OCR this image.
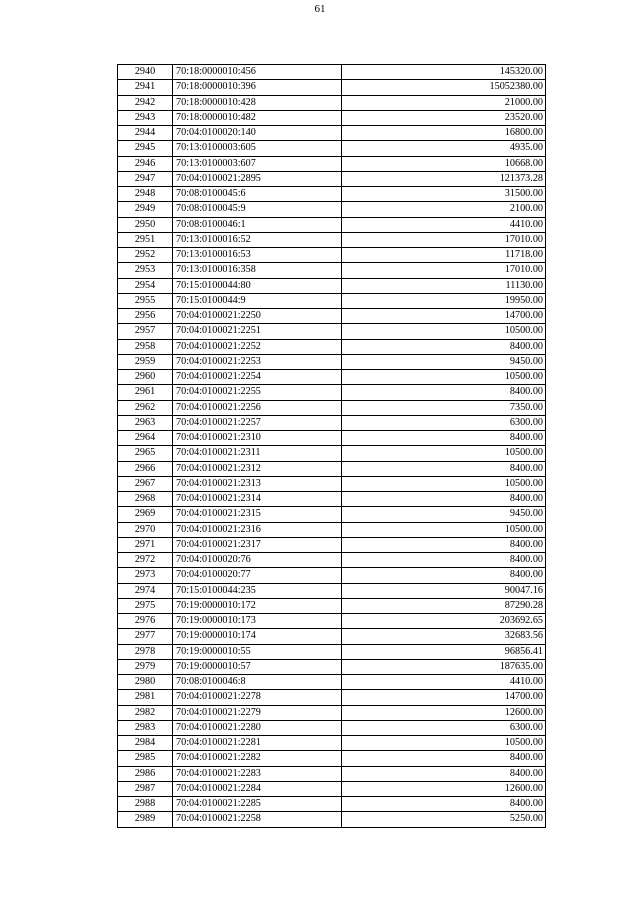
61
2940	70:18:0000010:456	145320.00
2941	70:18:0000010:396	15052380.00
2942	70:18:0000010:428	21000.00
2943	70:18:0000010:482	23520.00
2944	70:04:0100020:140	16800.00
2945	70:13:0100003:605	4935.00
2946	70:13:0100003:607	10668.00
2947	70:04:0100021:2895	121373.28
2948	70:08:0100045:6	31500.00
2949	70:08:0100045:9	2100.00
2950	70:08:0100046:1	4410.00
2951	70:13:0100016:52	17010.00
2952	70:13:0100016:53	11718.00
2953	70:13:0100016:358	17010.00
2954	70:15:0100044:80	11130.00
2955	70:15:0100044:9	19950.00
2956	70:04:0100021:2250	14700.00
2957	70:04:0100021:2251	10500.00
2958	70:04:0100021:2252	8400.00
2959	70:04:0100021:2253	9450.00
2960	70:04:0100021:2254	10500.00
2961	70:04:0100021:2255	8400.00
2962	70:04:0100021:2256	7350.00
2963	70:04:0100021:2257	6300.00
2964	70:04:0100021:2310	8400.00
2965	70:04:0100021:2311	10500.00
2966	70:04:0100021:2312	8400.00
2967	70:04:0100021:2313	10500.00
2968	70:04:0100021:2314	8400.00
2969	70:04:0100021:2315	9450.00
2970	70:04:0100021:2316	10500.00
2971	70:04:0100021:2317	8400.00
2972	70:04:0100020:76	8400.00
2973	70:04:0100020:77	8400.00
2974	70:15:0100044:235	90047.16
2975	70:19:0000010:172	87290.28
2976	70:19:0000010:173	203692.65
2977	70:19:0000010:174	32683.56
2978	70:19:0000010:55	96856.41
2979	70:19:0000010:57	187635.00
2980	70:08:0100046:8	4410.00
2981	70:04:0100021:2278	14700.00
2982	70:04:0100021:2279	12600.00
2983	70:04:0100021:2280	6300.00
2984	70:04:0100021:2281	10500.00
2985	70:04:0100021:2282	8400.00
2986	70:04:0100021:2283	8400.00
2987	70:04:0100021:2284	12600.00
2988	70:04:0100021:2285	8400.00
2989	70:04:0100021:2258	5250.00
